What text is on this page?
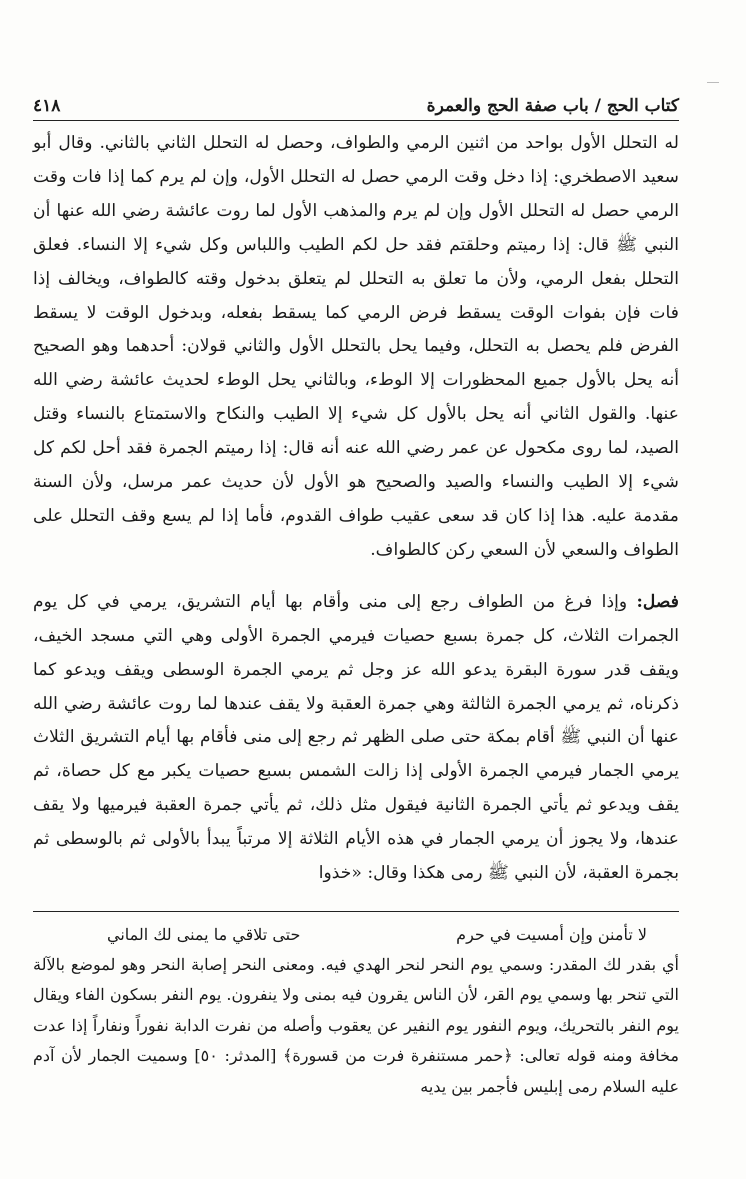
كتاب الحج / باب صفة الحج والعمرة
٤١٨

له التحلل الأول بواحد من اثنين الرمي والطواف، وحصل له التحلل الثاني بالثاني. وقال أبو سعيد الاصطخري: إذا دخل وقت الرمي حصل له التحلل الأول، وإن لم يرم كما إذا فات وقت الرمي حصل له التحلل الأول وإن لم يرم والمذهب الأول لما روت عائشة رضي الله عنها أن النبي ﷺ قال: إذا رميتم وحلقتم فقد حل لكم الطيب واللباس وكل شيء إلا النساء. فعلق التحلل بفعل الرمي، ولأن ما تعلق به التحلل لم يتعلق بدخول وقته كالطواف، ويخالف إذا فات فإن بفوات الوقت يسقط فرض الرمي كما يسقط بفعله، وبدخول الوقت لا يسقط الفرض فلم يحصل به التحلل، وفيما يحل بالتحلل الأول والثاني قولان: أحدهما وهو الصحيح أنه يحل بالأول جميع المحظورات إلا الوطء، وبالثاني يحل الوطء لحديث عائشة رضي الله عنها. والقول الثاني أنه يحل بالأول كل شيء إلا الطيب والنكاح والاستمتاع بالنساء وقتل الصيد، لما روى مكحول عن عمر رضي الله عنه أنه قال: إذا رميتم الجمرة فقد أحل لكم كل شيء إلا الطيب والنساء والصيد والصحيح هو الأول لأن حديث عمر مرسل، ولأن السنة مقدمة عليه. هذا إذا كان قد سعى عقيب طواف القدوم، فأما إذا لم يسع وقف التحلل على الطواف والسعي لأن السعي ركن كالطواف.

فصل: وإذا فرغ من الطواف رجع إلى منى وأقام بها أيام التشريق، يرمي في كل يوم الجمرات الثلاث، كل جمرة بسبع حصيات فيرمي الجمرة الأولى وهي التي مسجد الخيف، ويقف قدر سورة البقرة يدعو الله عز وجل ثم يرمي الجمرة الوسطى ويقف ويدعو كما ذكرناه، ثم يرمي الجمرة الثالثة وهي جمرة العقبة ولا يقف عندها لما روت عائشة رضي الله عنها أن النبي ﷺ أقام بمكة حتى صلى الظهر ثم رجع إلى منى فأقام بها أيام التشريق الثلاث يرمي الجمار فيرمي الجمرة الأولى إذا زالت الشمس بسبع حصيات يكبر مع كل حصاة، ثم يقف ويدعو ثم يأتي الجمرة الثانية فيقول مثل ذلك، ثم يأتي جمرة العقبة فيرميها ولا يقف عندها، ولا يجوز أن يرمي الجمار في هذه الأيام الثلاثة إلا مرتباً يبدأ بالأولى ثم بالوسطى ثم بجمرة العقبة، لأن النبي ﷺ رمى هكذا وقال: «خذوا

لا تأمنن وإن أمسيت في حرم
حتى تلاقي ما يمنى لك الماني

أي بقدر لك المقدر: وسمي يوم النحر لنحر الهدي فيه. ومعنى النحر إصابة النحر وهو لموضع بالآلة التي تنحر بها وسمي يوم القر، لأن الناس يقرون فيه بمنى ولا ينفرون. يوم النفر بسكون الفاء ويقال يوم النفر بالتحريك، ويوم النفور يوم النفير عن يعقوب وأصله من نفرت الدابة نفوراً ونفاراً إذا عدت مخافة ومنه قوله تعالى: ﴿حمر مستنفرة فرت من قسورة﴾ [المدثر: ٥٠] وسميت الجمار لأن آدم عليه السلام رمى إبليس فأجمر بين يديه
